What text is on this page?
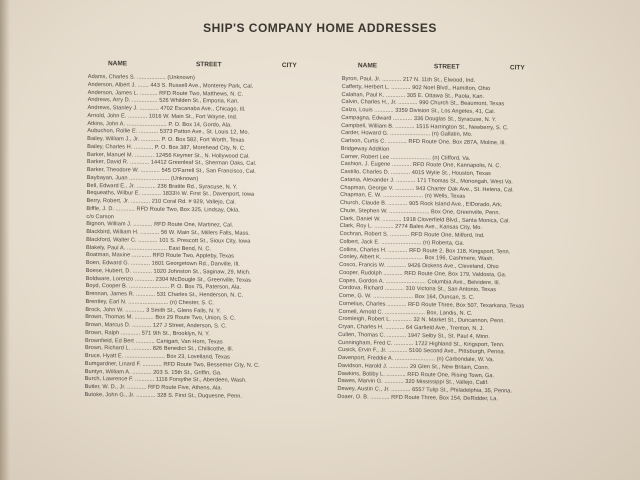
SHIP'S COMPANY HOME ADDRESSES
NAME	STREET	CITY
Adams, Charles S. .................. (Unknown)
Anderson, Albert J. ....... 443 S. Russell Ave., Monterey Park, Cal.
Anderson, James L. ........... RFD Route Two, Matthews, N. C.
Andrews, Arry D. ................ 526 Whilden St., Emporia, Kan.
Andrews, Stanley J. ............ 4702 Escanaba Ave., Chicago, Ill.
Arnold, John E. ............ 1016 W. Main St., Fort Wayne, Ind.
Atkins, John A. ......................... P. O. Box 14, Gordo, Ala.
Aubuchon, Rollie E. ............ 5373 Patton Ave., St. Louis 12, Mo.
Bailey, William J., Jr. ............ P. O. Box 582, Fort Worth, Texas
Bailey, Charles H. ............ P. O. Box 387, Morehead City, N. C.
Barker, Manuel M. ............ 12456 Keymer St., N. Hollywood Cal.
Barker, David R. ............ 14412 Greenleaf St., Sherman Oaks, Cal.
Barker, Theodore W. ............ 545 O'Farrell St., San Francisco, Cal.
Baybayan, Juan ......................... (Unknown)
Bell, Edward E., Jr. ............ 236 Brattle Rd., Syracuse, N. Y.
Bequeaths, Wilbur E. ............ 1833½ W. First St., Davenport, Iowa
Berry, Robert, Jr. ............ 210 Coral Rd. # 929, Vallejo, Cal.
Biffle, J. D. ............ RFD Route Two, Box 325, Lindsay, Okla.
c/o Carson
Bignon, William J. ............ RFD Route One, Martinez, Cal.
Blackbird, William H. ............ 56 W. Main St., Millers Falls, Mass.
Blackford, Walter C. ............ 101 S. Prescott St., Sioux City, Iowa
Blakely, Paul A. ......................... East Bend, N. C.
Boatman, Maxine ............ RFD Route Two, Appleby, Texas
Boen, Edward G. ............ 1601 Georgetown Rd., Danville, Ill.
Boese, Hubert, D. ............ 1020 Johnston St., Saginaw, 29, Mich.
Boldware, Lorenzo ............ 2304 McDougle St., Greenville, Texas
Boyd, Cooper B. ......................... P. O. Box 75, Paterson, Ala.
Brennan, James R. ............ 531 Charles St., Henderson, N. C.
Brentley, Earl N. ......................... (n) Chester, S. C.
Brock, John W. ............ 3 Smith St., Glens Falls, N. Y.
Brown, Thomas M. ............ Box 29 Route Two, Union, S. C.
Brown, Marcus D. ............ 127 J Street, Anderson, S. C.
Brown, Ralph ............ 571 9th St., Brooklyn, N. Y.
Brownfield, Ed Bert ............ Canigart, Van Horn, Texas
Brown, Richard L. ............ 826 Benedict St., Chillicothe, Ill.
Bruce, Hyatt E. ......................... Box 23, Lovelland, Texas
Bumgardner, Linard F. ............ RFD Route Two, Bessemer City, N. C.
Buntyn, William A. ............ 203 S. 15th St., Griffin, Ga.
Burch, Lawrence F. ............ 1116 Forsythe St., Aberdeen, Wash.
Butler, W. D., Jr. ............ RFD Route Five, Athens, Ala.
Butoke, John G., Jr. ............ 328 S. First St., Duquesne, Penn.
NAME	STREET	CITY
Byron, Paul, Jr. ............ 217 N. 11th St., Elwood, Ind.
Cafferty, Herbert L. ............ 902 Noel Blvd., Hamilton, Ohio
Calahan, Paul K. ............ 305 E. Ottawa St., Paola, Kan.
Calvin, Charles H., Jr. ............ 990 Church St., Beaumont, Texas
Calzo, Louis ............ 3359 Division St., Los Angeles, 41, Cal.
Campagna, Edward ............ 336 Douglas St., Syracuse, N. Y.
Campbell, William B. ............ 1515 Harrington St., Newberry, S. C.
Carder, Howard G. ......................... (n) Gallatin, Mo.
Carlson, Curtis C. ............ RFD Route One, Box 287A, Moline, Ill.
Bridgeway Addition
Carner, Robert Lee ......................... (n) Clifford, Va.
Cashion, J. Eugene ............ RFD Route One, Kannapolis, N. C.
Castillo, Charles D. ............ 4015 Wylie St., Houston, Texas
Catania, Alexander J. ............ 171 Thomas St., Monongah, West Va.
Chapman, George V. ............ 943 Charter Oak Ave., St. Helena, Cal.
Chapman, E. W. ......................... (n) Wells, Texas
Church, Claude B. ............ 905 Rock Island Ave., ElDorado, Ark.
Chute, Stephen W. ......................... Box One, Greenville, Penn.
Clark, Daniel W. ............ 1918 Cloverfield Blvd., Santa Monica, Cal.
Clark, Roy L. ............ 2774 Bales Ave., Kansas City, Mo.
Cochran, Robert S. ............ RFD Route One, Milford, Ind.
Colbert, Jack E. ......................... (n) Roberta, Ga.
Collins, Charles H. ............ RFD Route 2, Box 118, Kingsport, Tenn.
Conley, Albert K. ......................... Box 196, Cashmere, Wash.
Cosco, Francis W. ............ 9426 Dickens Ave., Cleveland, Ohio
Cooper, Rudolph ............ RFD Route One, Box 179, Valdosta, Ga.
Copes, Gordon A. ......................... Columbia Ave., Belvidere, Ill.
Cordova, Richard ............ 310 Victoria St., San Antonio, Texas
Corne, G. W. ......................... Box 164, Duncan, S. C.
Cornelius, Charles ............ RFD Route Three, Box 507, Texarkana, Texas
Cornell, Arnold C. ......................... Box, Landis, N. C.
Cromleigh, Robert L. ............ 32 N. Market St., Duncannon, Penn.
Cryan, Charles H. ............ 64 Garfield Ave., Trenton, N. J.
Cullen, Thomas C. ............ 1947 Selby St., St. Paul 4, Minn.
Cunningham, Fred C. ............ 1722 Highland St., Kingsport, Tenn.
Cusick, Ervin F., Jr. ............ 5100 Second Ave., Pittsburgh, Penna.
Davenport, Freddie A. ......................... (n) Carbondale, W. Va.
Davidson, Harold J. ............ 29 Glen St., New Britain, Conn.
Dawkins, Bobby L. ............ RFD Route One, Rising Town, Ga.
Dawes, Marvin G. ............ 320 Mississippi St., Vallejo, Calif.
Dewey, Austin C., Jr. ............ 6557 Tulip St., Philadelphia, 35, Penna.
Doaer, O. B. ............ RFD Route Three, Box 154, DeRidder, La.
